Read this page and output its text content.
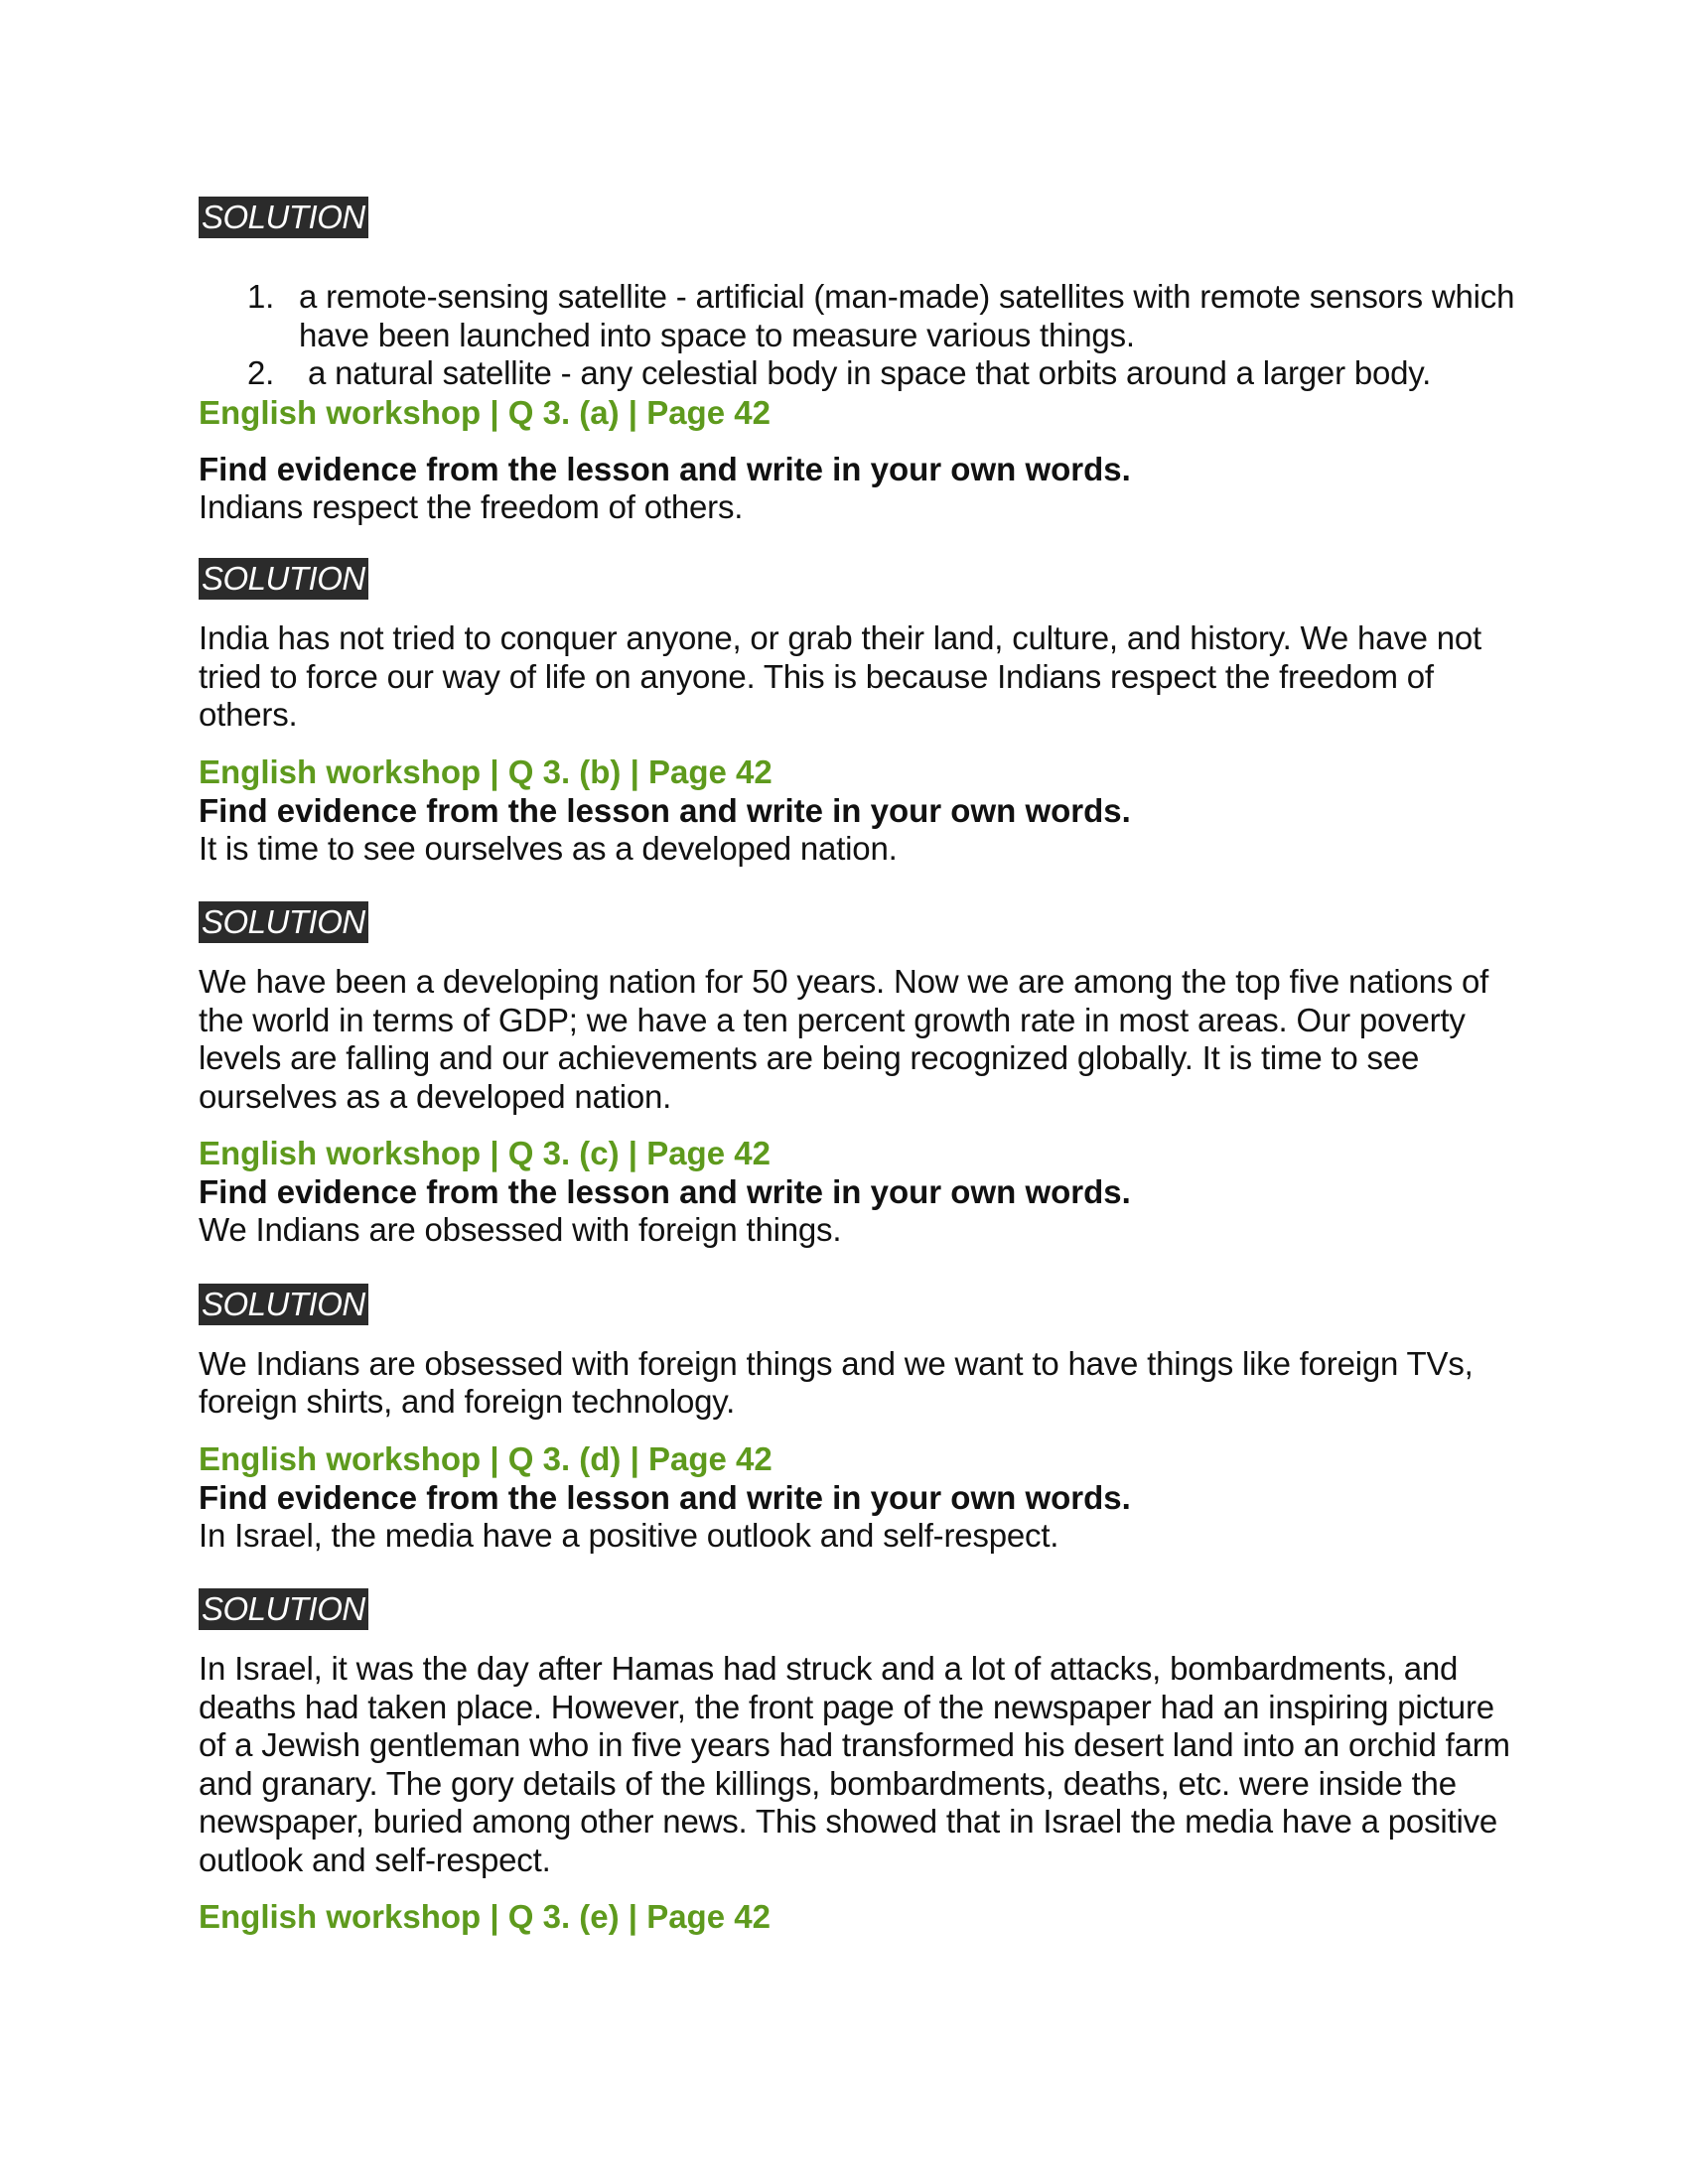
SOLUTION
1. a remote-sensing satellite - artificial (man-made) satellites with remote sensors which have been launched into space to measure various things.
2. a natural satellite - any celestial body in space that orbits around a larger body.

English workshop | Q 3. (a) | Page 42

Find evidence from the lesson and write in your own words.

Indians respect the freedom of others.

SOLUTION

India has not tried to conquer anyone, or grab their land, culture, and history. We have not tried to force our way of life on anyone. This is because Indians respect the freedom of others.

English workshop | Q 3. (b) | Page 42

Find evidence from the lesson and write in your own words.

It is time to see ourselves as a developed nation.

SOLUTION

We have been a developing nation for 50 years. Now we are among the top five nations of the world in terms of GDP; we have a ten percent growth rate in most areas. Our poverty levels are falling and our achievements are being recognized globally. It is time to see ourselves as a developed nation.

English workshop | Q 3. (c) | Page 42

Find evidence from the lesson and write in your own words.

We Indians are obsessed with foreign things.

SOLUTION

We Indians are obsessed with foreign things and we want to have things like foreign TVs, foreign shirts, and foreign technology.

English workshop | Q 3. (d) | Page 42

Find evidence from the lesson and write in your own words.

In Israel, the media have a positive outlook and self-respect.

SOLUTION

In Israel, it was the day after Hamas had struck and a lot of attacks, bombardments, and deaths had taken place. However, the front page of the newspaper had an inspiring picture of a Jewish gentleman who in five years had transformed his desert land into an orchid farm and granary. The gory details of the killings, bombardments, deaths, etc. were inside the newspaper, buried among other news. This showed that in Israel the media have a positive outlook and self-respect.

English workshop | Q 3. (e) | Page 42
